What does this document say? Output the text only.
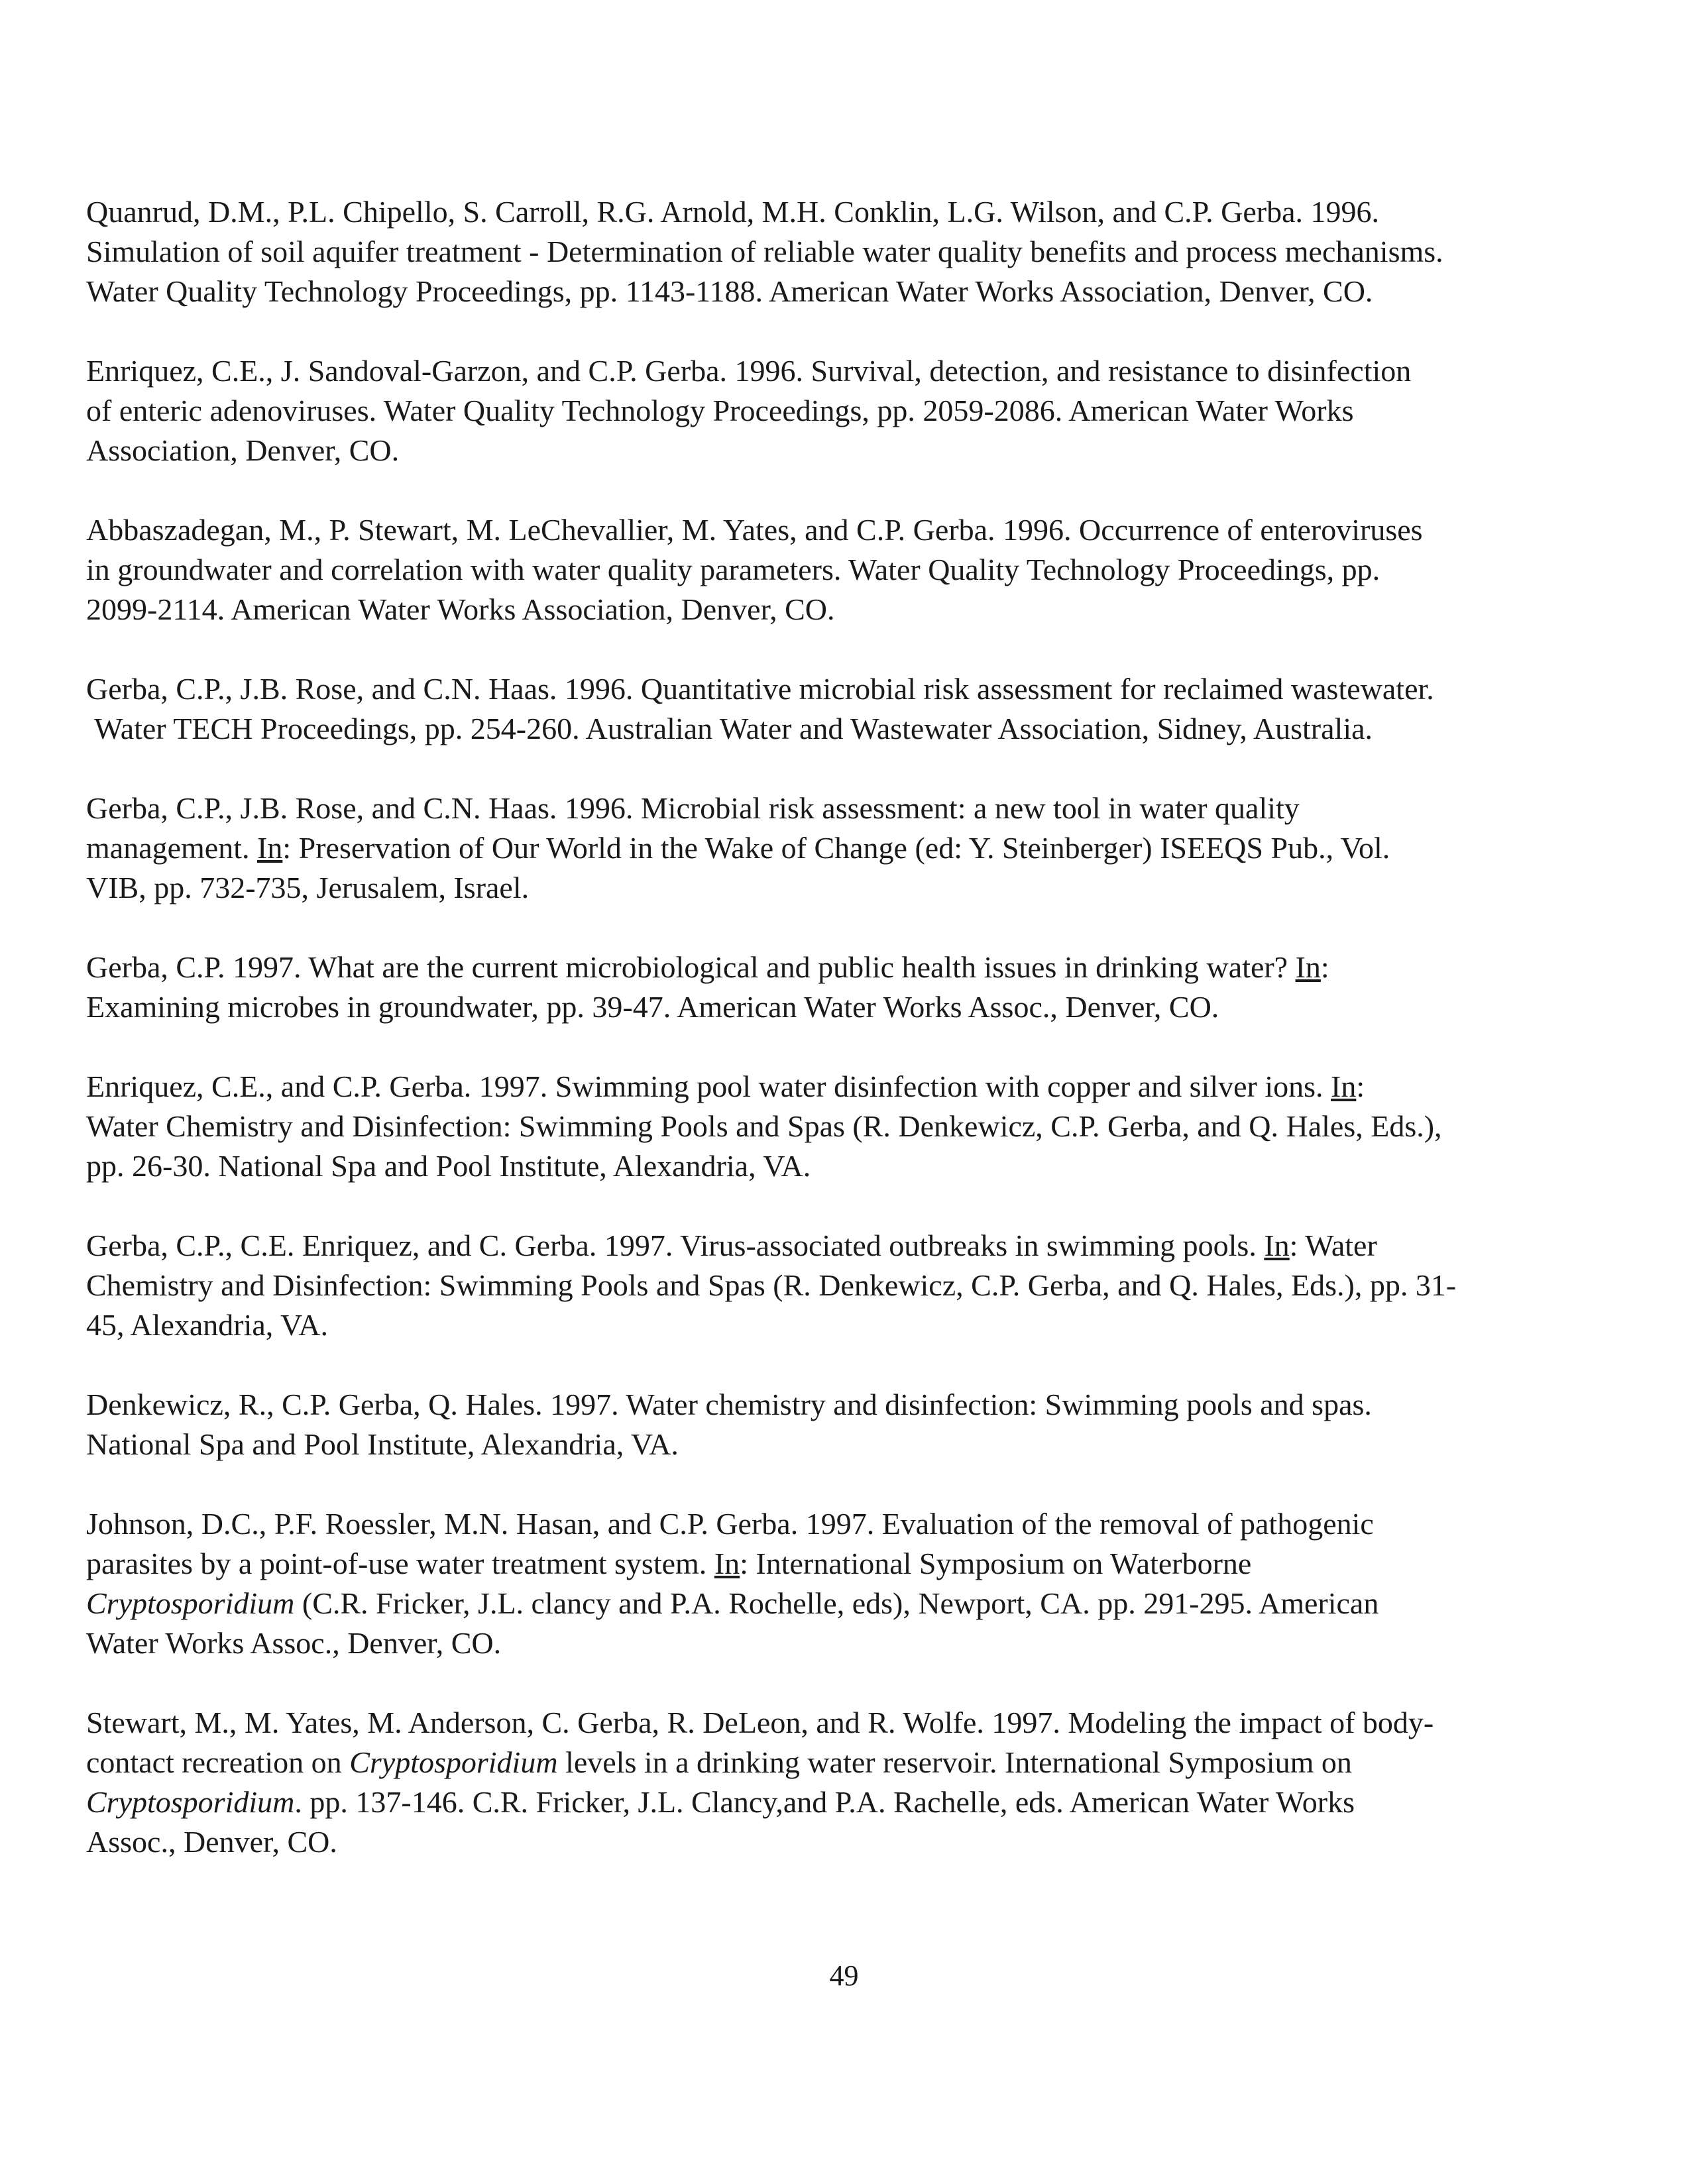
Quanrud, D.M., P.L. Chipello, S. Carroll, R.G. Arnold, M.H. Conklin, L.G. Wilson, and C.P. Gerba. 1996.
Simulation of soil aquifer treatment - Determination of reliable water quality benefits and process mechanisms.
Water Quality Technology Proceedings, pp. 1143-1188. American Water Works Association, Denver, CO.
Enriquez, C.E., J. Sandoval-Garzon, and C.P. Gerba. 1996. Survival, detection, and resistance to disinfection
of enteric adenoviruses. Water Quality Technology Proceedings, pp. 2059-2086. American Water Works
Association, Denver, CO.
Abbaszadegan, M., P. Stewart, M. LeChevallier, M. Yates, and C.P. Gerba. 1996. Occurrence of enteroviruses
in groundwater and correlation with water quality parameters. Water Quality Technology Proceedings, pp.
2099-2114. American Water Works Association, Denver, CO.
Gerba, C.P., J.B. Rose, and C.N. Haas. 1996. Quantitative microbial risk assessment for reclaimed wastewater.
Water TECH Proceedings, pp. 254-260. Australian Water and Wastewater Association, Sidney, Australia.
Gerba, C.P., J.B. Rose, and C.N. Haas. 1996. Microbial risk assessment: a new tool in water quality
management. In: Preservation of Our World in the Wake of Change (ed: Y. Steinberger) ISEEQS Pub., Vol.
VIB, pp. 732-735, Jerusalem, Israel.
Gerba, C.P. 1997. What are the current microbiological and public health issues in drinking water? In:
Examining microbes in groundwater, pp. 39-47. American Water Works Assoc., Denver, CO.
Enriquez, C.E., and C.P. Gerba. 1997. Swimming pool water disinfection with copper and silver ions. In:
Water Chemistry and Disinfection: Swimming Pools and Spas (R. Denkewicz, C.P. Gerba, and Q. Hales, Eds.),
pp. 26-30. National Spa and Pool Institute, Alexandria, VA.
Gerba, C.P., C.E. Enriquez, and C. Gerba. 1997. Virus-associated outbreaks in swimming pools. In: Water
Chemistry and Disinfection: Swimming Pools and Spas (R. Denkewicz, C.P. Gerba, and Q. Hales, Eds.), pp. 31-
45, Alexandria, VA.
Denkewicz, R., C.P. Gerba, Q. Hales. 1997. Water chemistry and disinfection: Swimming pools and spas.
National Spa and Pool Institute, Alexandria, VA.
Johnson, D.C., P.F. Roessler, M.N. Hasan, and C.P. Gerba. 1997. Evaluation of the removal of pathogenic
parasites by a point-of-use water treatment system. In: International Symposium on Waterborne
Cryptosporidium (C.R. Fricker, J.L. clancy and P.A. Rochelle, eds), Newport, CA. pp. 291-295. American
Water Works Assoc., Denver, CO.
Stewart, M., M. Yates, M. Anderson, C. Gerba, R. DeLeon, and R. Wolfe. 1997. Modeling the impact of body-
contact recreation on Cryptosporidium levels in a drinking water reservoir. International Symposium on
Cryptosporidium. pp. 137-146. C.R. Fricker, J.L. Clancy,and P.A. Rachelle, eds. American Water Works
Assoc., Denver, CO.
49
